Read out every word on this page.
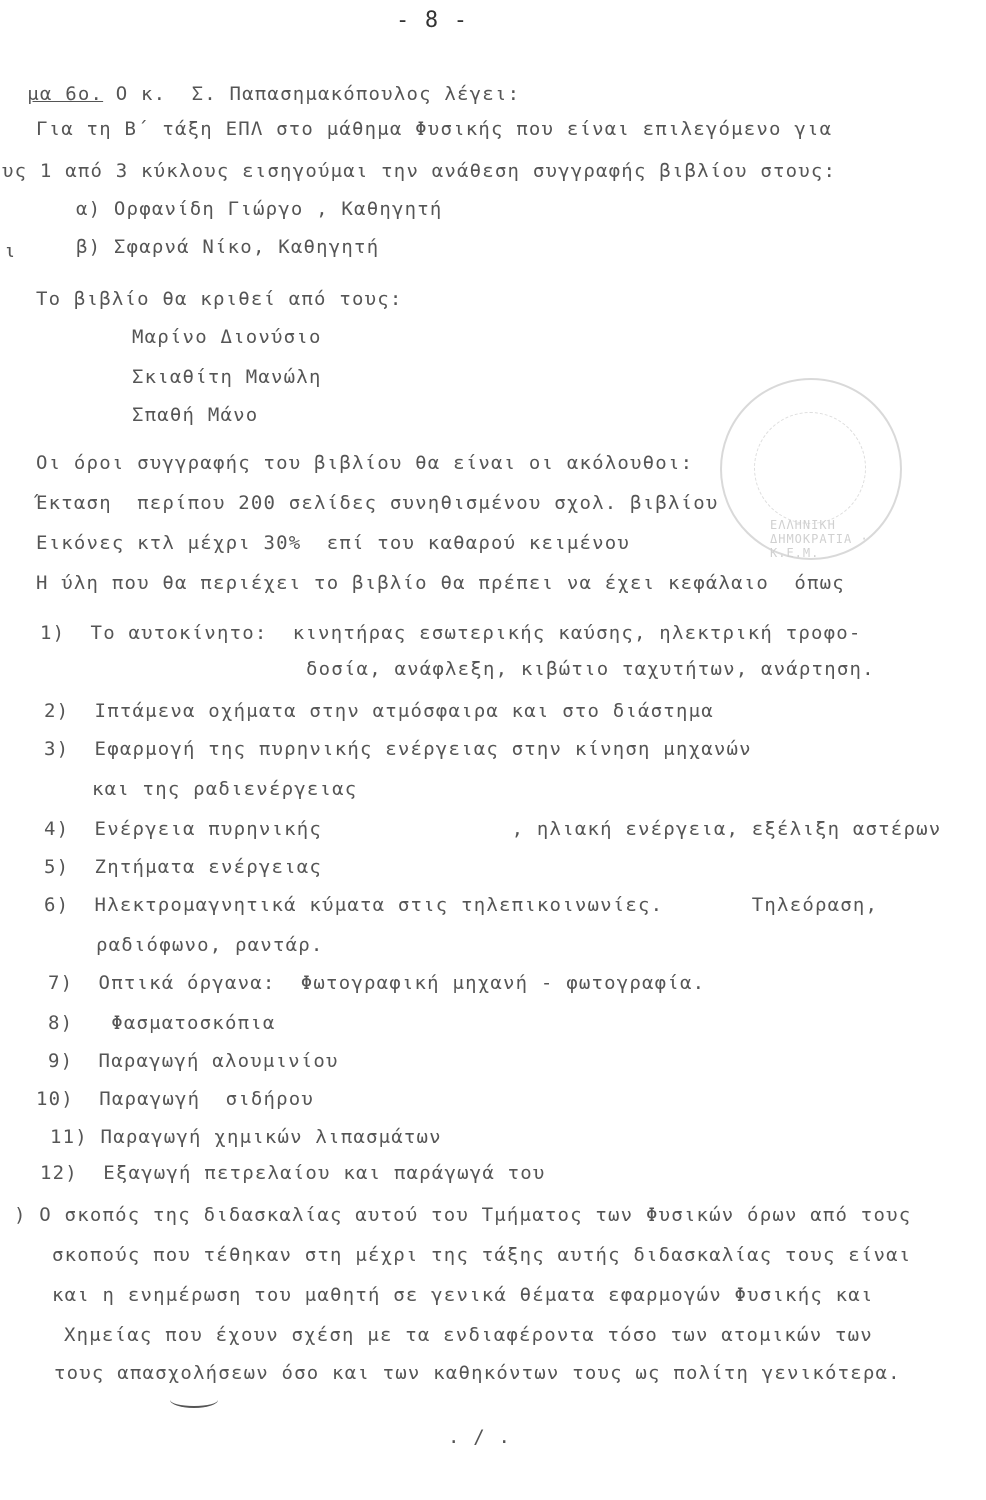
- 8 -

μα 6ο. Ο κ.  Σ. Παπασημακόπουλος λέγει:

Για τη Β΄ τάξη ΕΠΛ στο μάθημα Φυσικής που είναι επιλεγόμενο για
υς 1 από 3 κύκλους εισηγούμαι την ανάθεση συγγραφής βιβλίου στους:
α) Ορφανίδη Γιώργο , Καθηγητή
ι	β) Σφαρνά Νίκο, Καθηγητή
Το βιβλίο θα κριθεί από τους:
Μαρίνο Διονύσιο
Σκιαθίτη Μανώλη
Σπαθή Μάνο
Οι όροι συγγραφής του βιβλίου θα είναι οι ακόλουθοι:
Έκταση  περίπου 200 σελίδες συνηθισμένου σχολ. βιβλίου
Εικόνες κτλ μέχρι 30%  επί του καθαρού κειμένου
Η ύλη που θα περιέχει το βιβλίο θα πρέπει να έχει κεφάλαιο  όπως
ΕΛΛΗΝΙΚΗ ΔΗΜΟΚΡΑΤΙΑ · Κ.Ε.Μ.
1)  Το αυτοκίνητο:  κινητήρας εσωτερικής καύσης, ηλεκτρική τροφο-
δοσία, ανάφλεξη, κιβώτιο ταχυτήτων, ανάρτηση.
2)  Ιπτάμενα οχήματα στην ατμόσφαιρα και στο διάστημα
3)  Εφαρμογή της πυρηνικής ενέργειας στην κίνηση μηχανών
και της ραδιενέργειας
4)  Ενέργεια πυρηνικής               , ηλιακή ενέργεια, εξέλιξη αστέρων
5)  Ζητήματα ενέργειας
6)  Ηλεκτρομαγνητικά κύματα στις τηλεπικοινωνίες.       Τηλεόραση,
ραδιόφωνο, ραντάρ.
7)  Οπτικά όργανα:  Φωτογραφική μηχανή - φωτογραφία.
8)   Φασματοσκόπια
9)  Παραγωγή αλουμινίου
10)  Παραγωγή  σιδήρου
11) Παραγωγή χημικών λιπασμάτων
12)  Εξαγωγή πετρελαίου και παράγωγά του
) Ο σκοπός της διδασκαλίας αυτού του Τμήματος των Φυσικών όρων από τους
σκοπούς που τέθηκαν στη μέχρι της τάξης αυτής διδασκαλίας τους είναι
και η ενημέρωση του μαθητή σε γενικά θέματα εφαρμογών Φυσικής και
Χημείας που έχουν σχέση με τα ενδιαφέροντα τόσο των ατομικών των
τους απασχολήσεων όσο και των καθηκόντων τους ως πολίτη γενικότερα.
. / .
